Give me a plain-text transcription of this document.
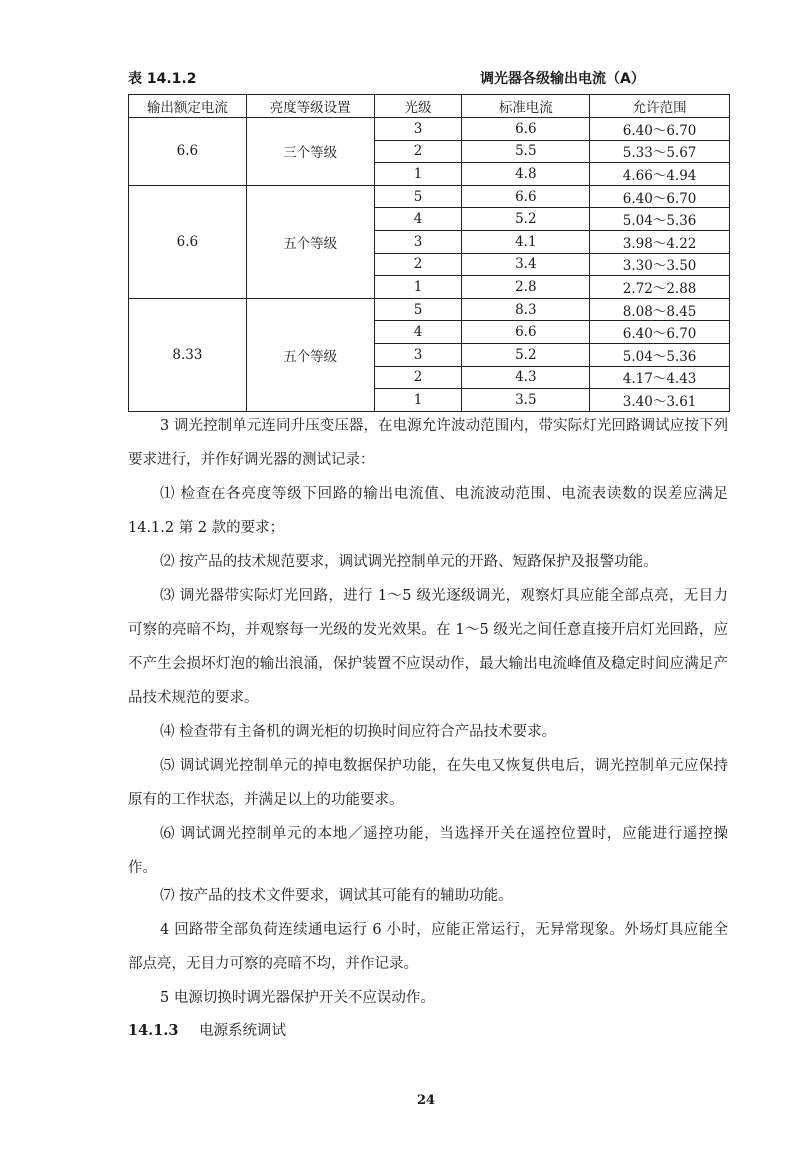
表 14.1.2	调光器各级输出电流（A）
输出额定电流	亮度等级设置	光级	标准电流	允许范围
6.6	三个等级	3	6.6	6.40～6.70
		2	5.5	5.33～5.67
		1	4.8	4.66～4.94
6.6	五个等级	5	6.6	6.40～6.70
		4	5.2	5.04～5.36
		3	4.1	3.98～4.22
		2	3.4	3.30～3.50
		1	2.8	2.72～2.88
8.33	五个等级	5	8.3	8.08～8.45
		4	6.6	6.40～6.70
		3	5.2	5.04～5.36
		2	4.3	4.17～4.43
		1	3.5	3.40～3.61
3 调光控制单元连同升压变压器，在电源允许波动范围内，带实际灯光回路调试应按下列要求进行，并作好调光器的测试记录：
⑴ 检查在各亮度等级下回路的输出电流值、电流波动范围、电流表读数的误差应满足14.1.2 第 2 款的要求；
⑵ 按产品的技术规范要求，调试调光控制单元的开路、短路保护及报警功能。
⑶ 调光器带实际灯光回路，进行 1～5 级光逐级调光，观察灯具应能全部点亮，无目力可察的亮暗不均，并观察每一光级的发光效果。在 1～5 级光之间任意直接开启灯光回路，应不产生会损坏灯泡的输出浪涌，保护装置不应误动作，最大输出电流峰值及稳定时间应满足产品技术规范的要求。
⑷ 检查带有主备机的调光柜的切换时间应符合产品技术要求。
⑸ 调试调光控制单元的掉电数据保护功能，在失电又恢复供电后，调光控制单元应保持原有的工作状态，并满足以上的功能要求。
⑹ 调试调光控制单元的本地／遥控功能，当选择开关在遥控位置时，应能进行遥控操作。
⑺ 按产品的技术文件要求，调试其可能有的辅助功能。
4 回路带全部负荷连续通电运行 6 小时，应能正常运行，无异常现象。外场灯具应能全部点亮，无目力可察的亮暗不均，并作记录。
5 电源切换时调光器保护开关不应误动作。
14.1.3 电源系统调试
24
